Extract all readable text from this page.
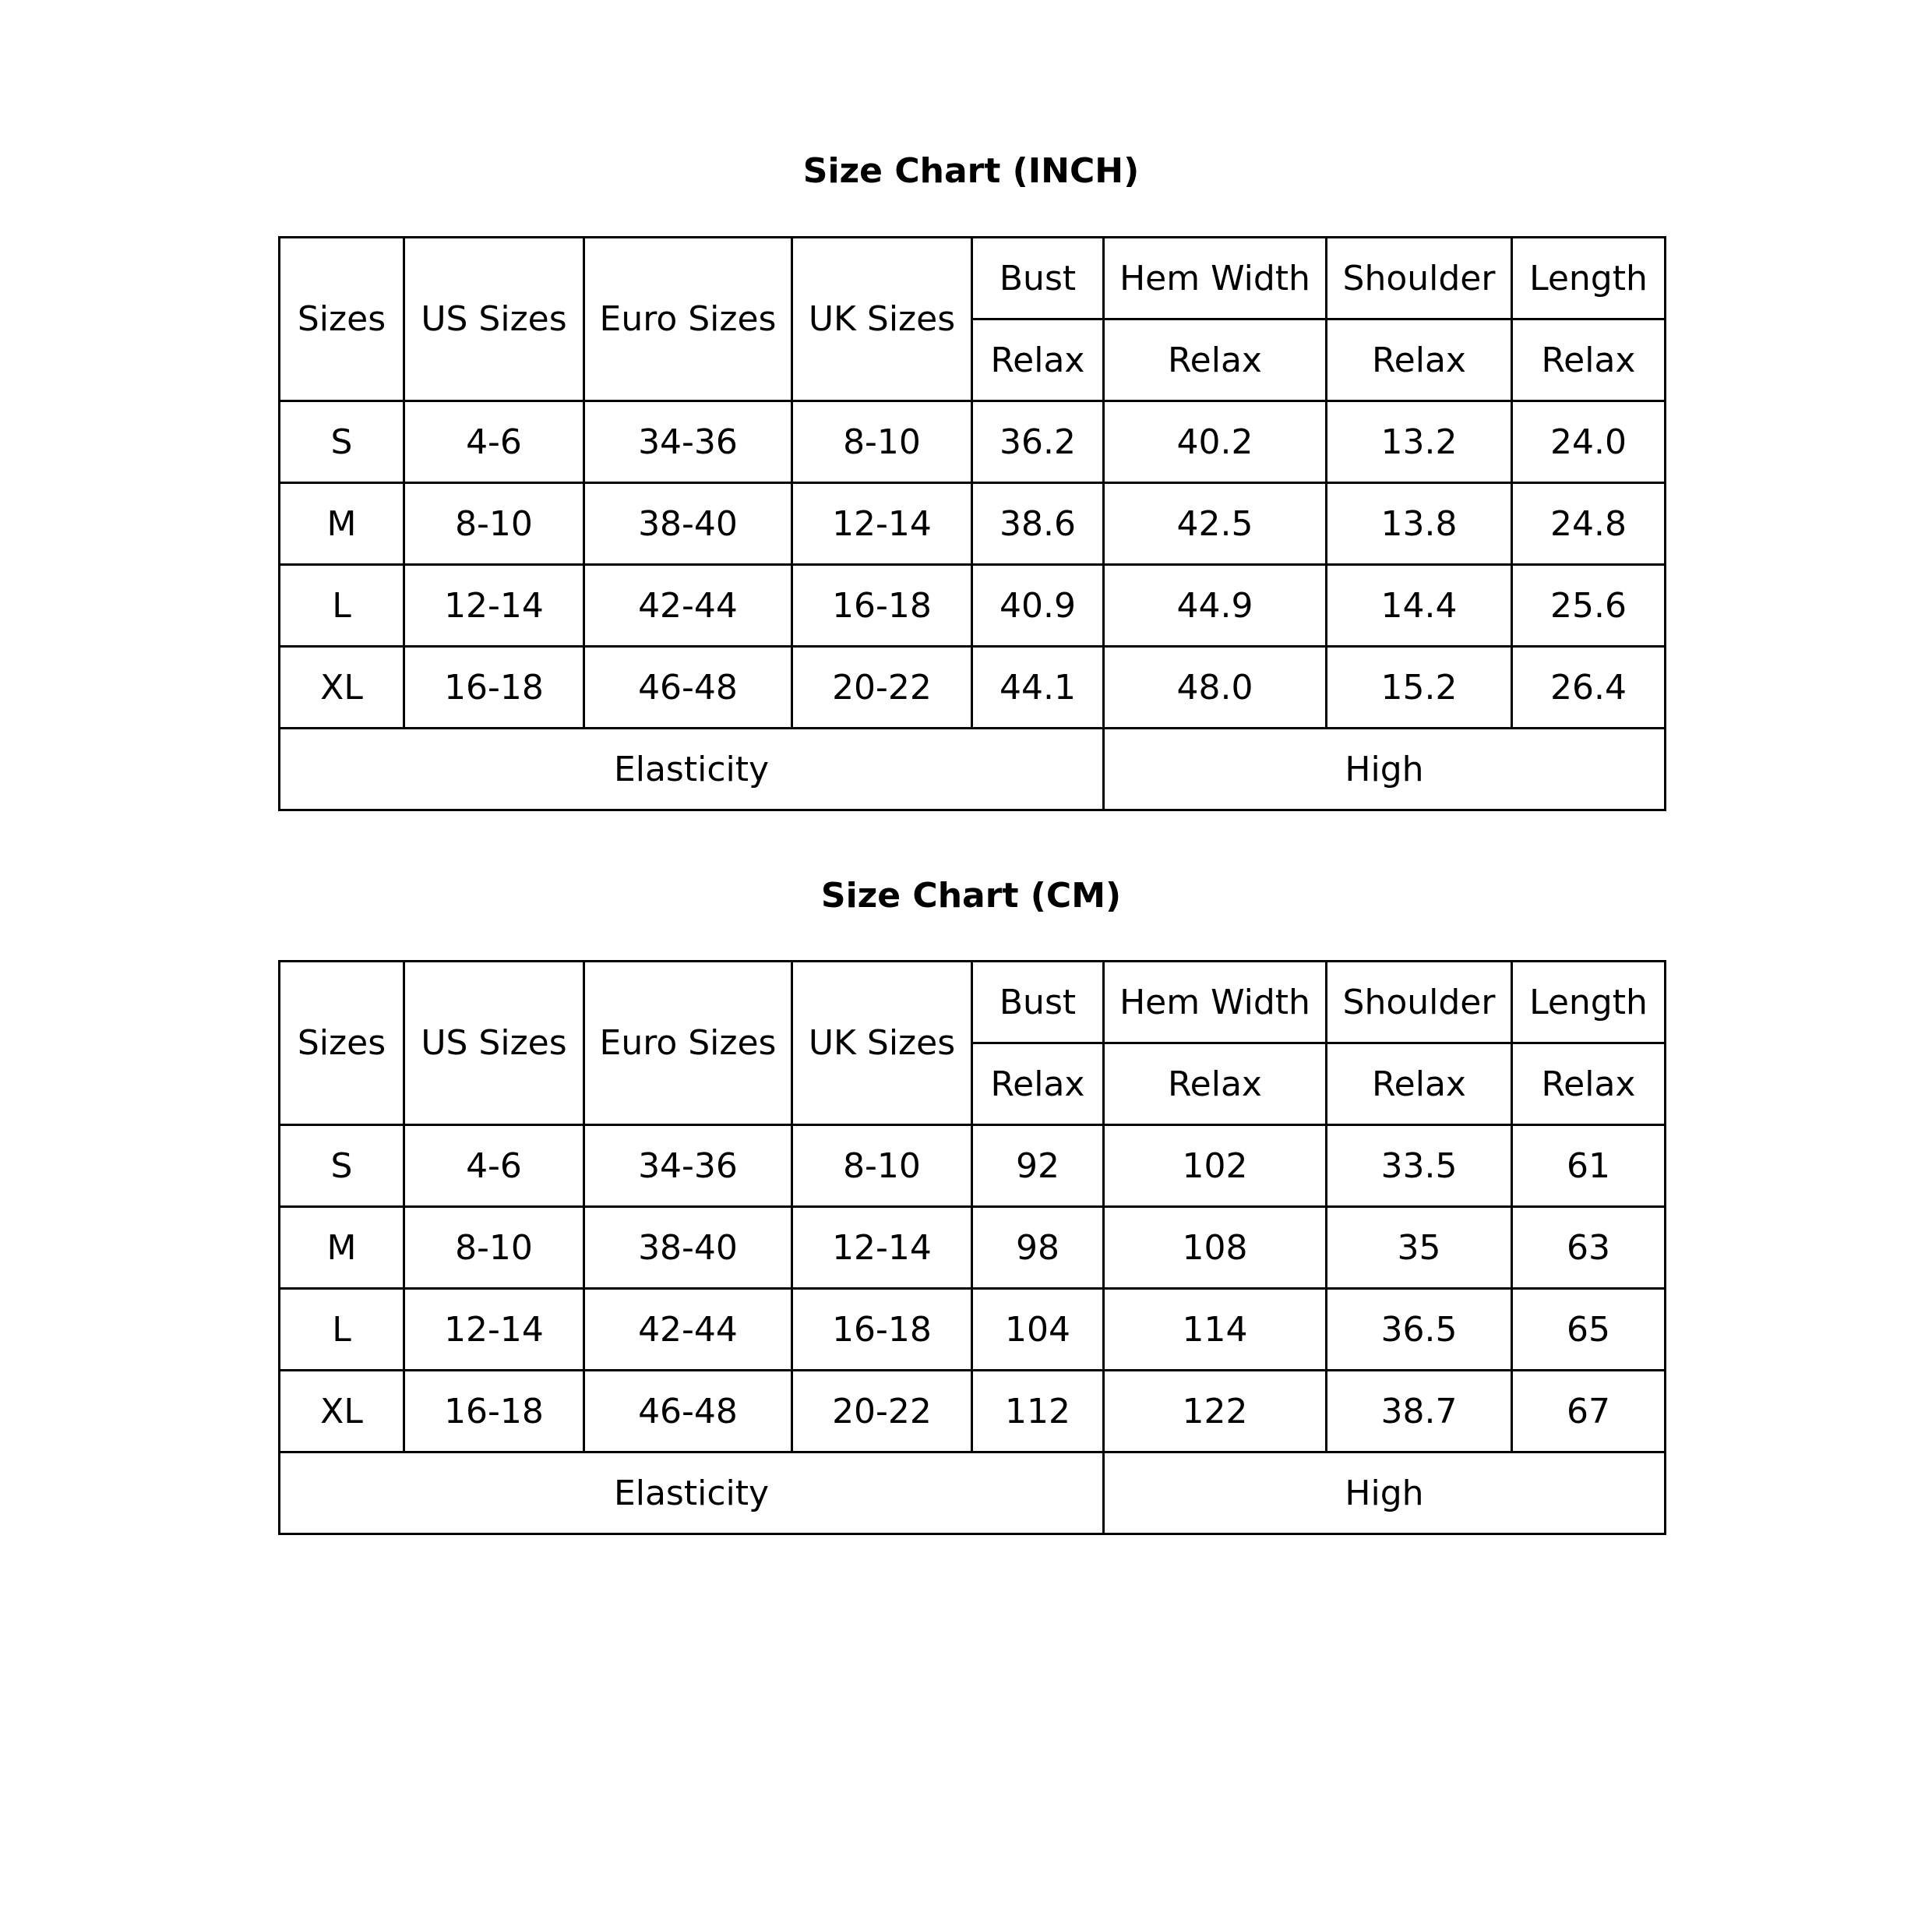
Size Chart (INCH)
Sizes	US Sizes	Euro Sizes	UK Sizes	Bust	Hem Width	Shoulder	Length
				Relax	Relax	Relax	Relax
S	4-6	34-36	8-10	36.2	40.2	13.2	24.0
M	8-10	38-40	12-14	38.6	42.5	13.8	24.8
L	12-14	42-44	16-18	40.9	44.9	14.4	25.6
XL	16-18	46-48	20-22	44.1	48.0	15.2	26.4
Elasticity					High		
Size Chart (CM)
Sizes	US Sizes	Euro Sizes	UK Sizes	Bust	Hem Width	Shoulder	Length
				Relax	Relax	Relax	Relax
S	4-6	34-36	8-10	92	102	33.5	61
M	8-10	38-40	12-14	98	108	35	63
L	12-14	42-44	16-18	104	114	36.5	65
XL	16-18	46-48	20-22	112	122	38.7	67
Elasticity					High		
